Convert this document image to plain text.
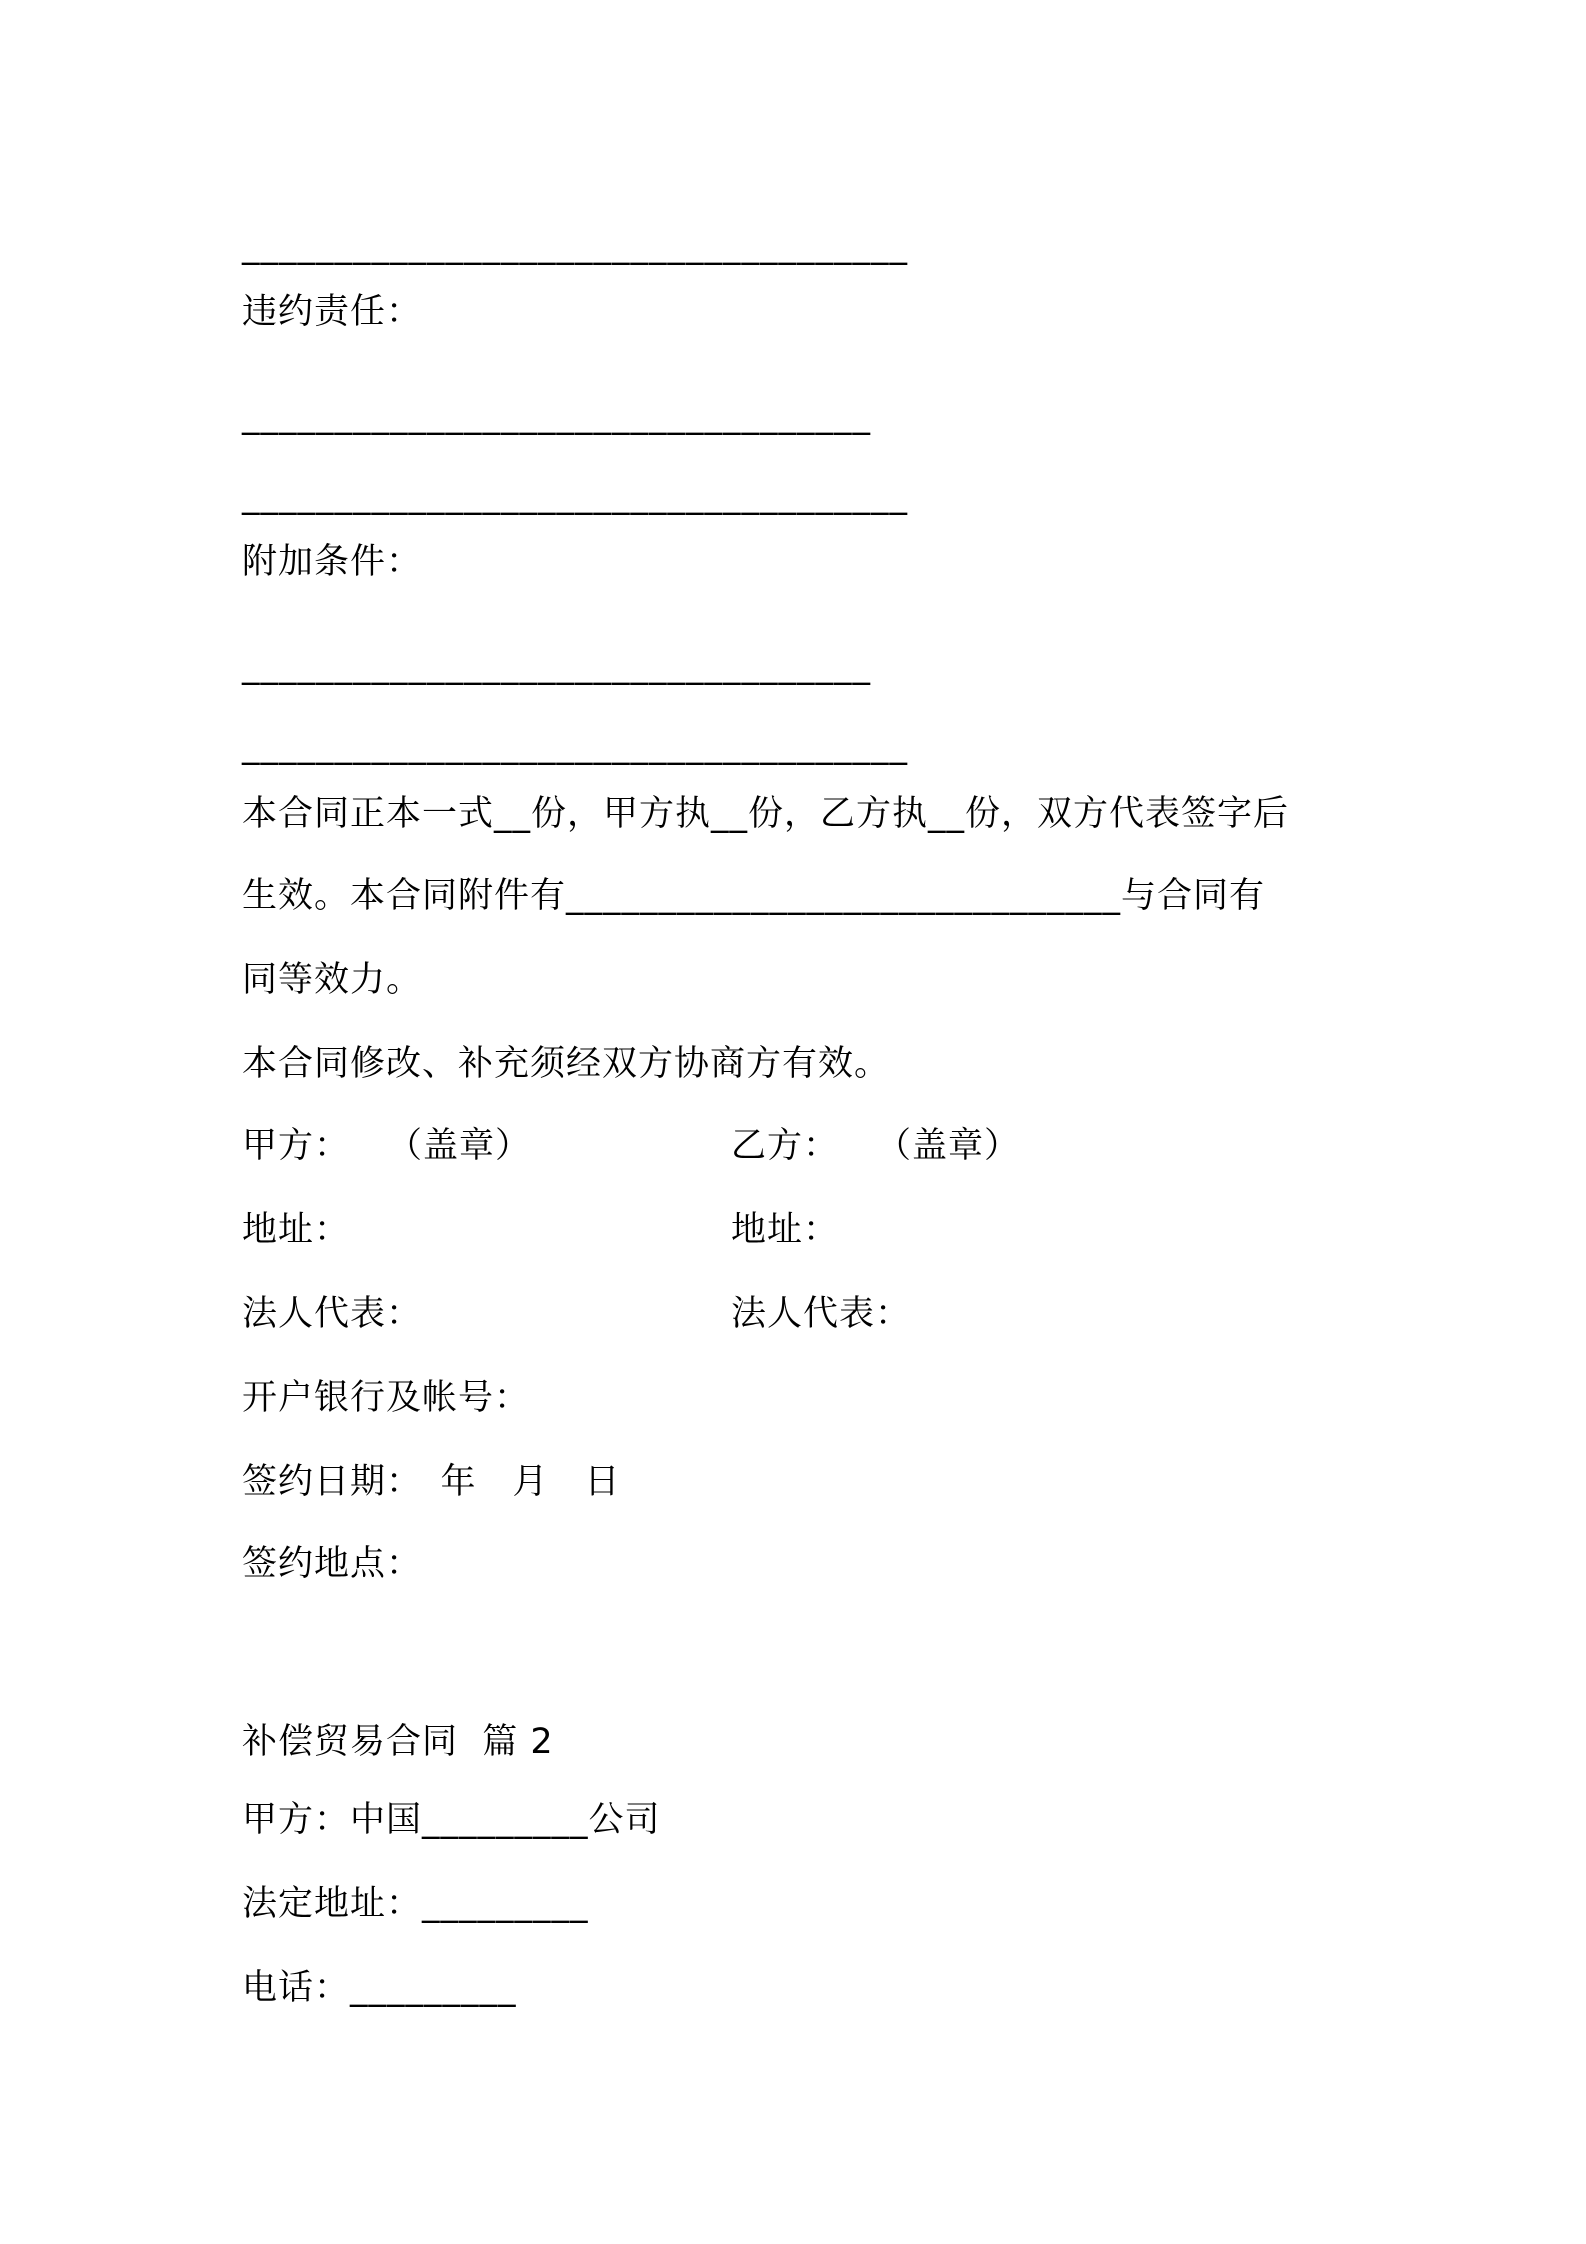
____________________________________
违约责任：
__________________________________
____________________________________
附加条件：
__________________________________
____________________________________
本合同正本一式__份，甲方执__份，乙方执__份，双方代表签字后
生效。本合同附件有______________________________与合同有
同等效力。
本合同修改、补充须经双方协商方有效。
甲方：　　（盖章）	乙方：　　（盖章）
地址：	地址：
法人代表：	法人代表：
开户银行及帐号：
签约日期：　年　月　日
签约地点：
补偿贸易合同  篇 2
甲方：中国_________公司
法定地址：_________
电话：_________
